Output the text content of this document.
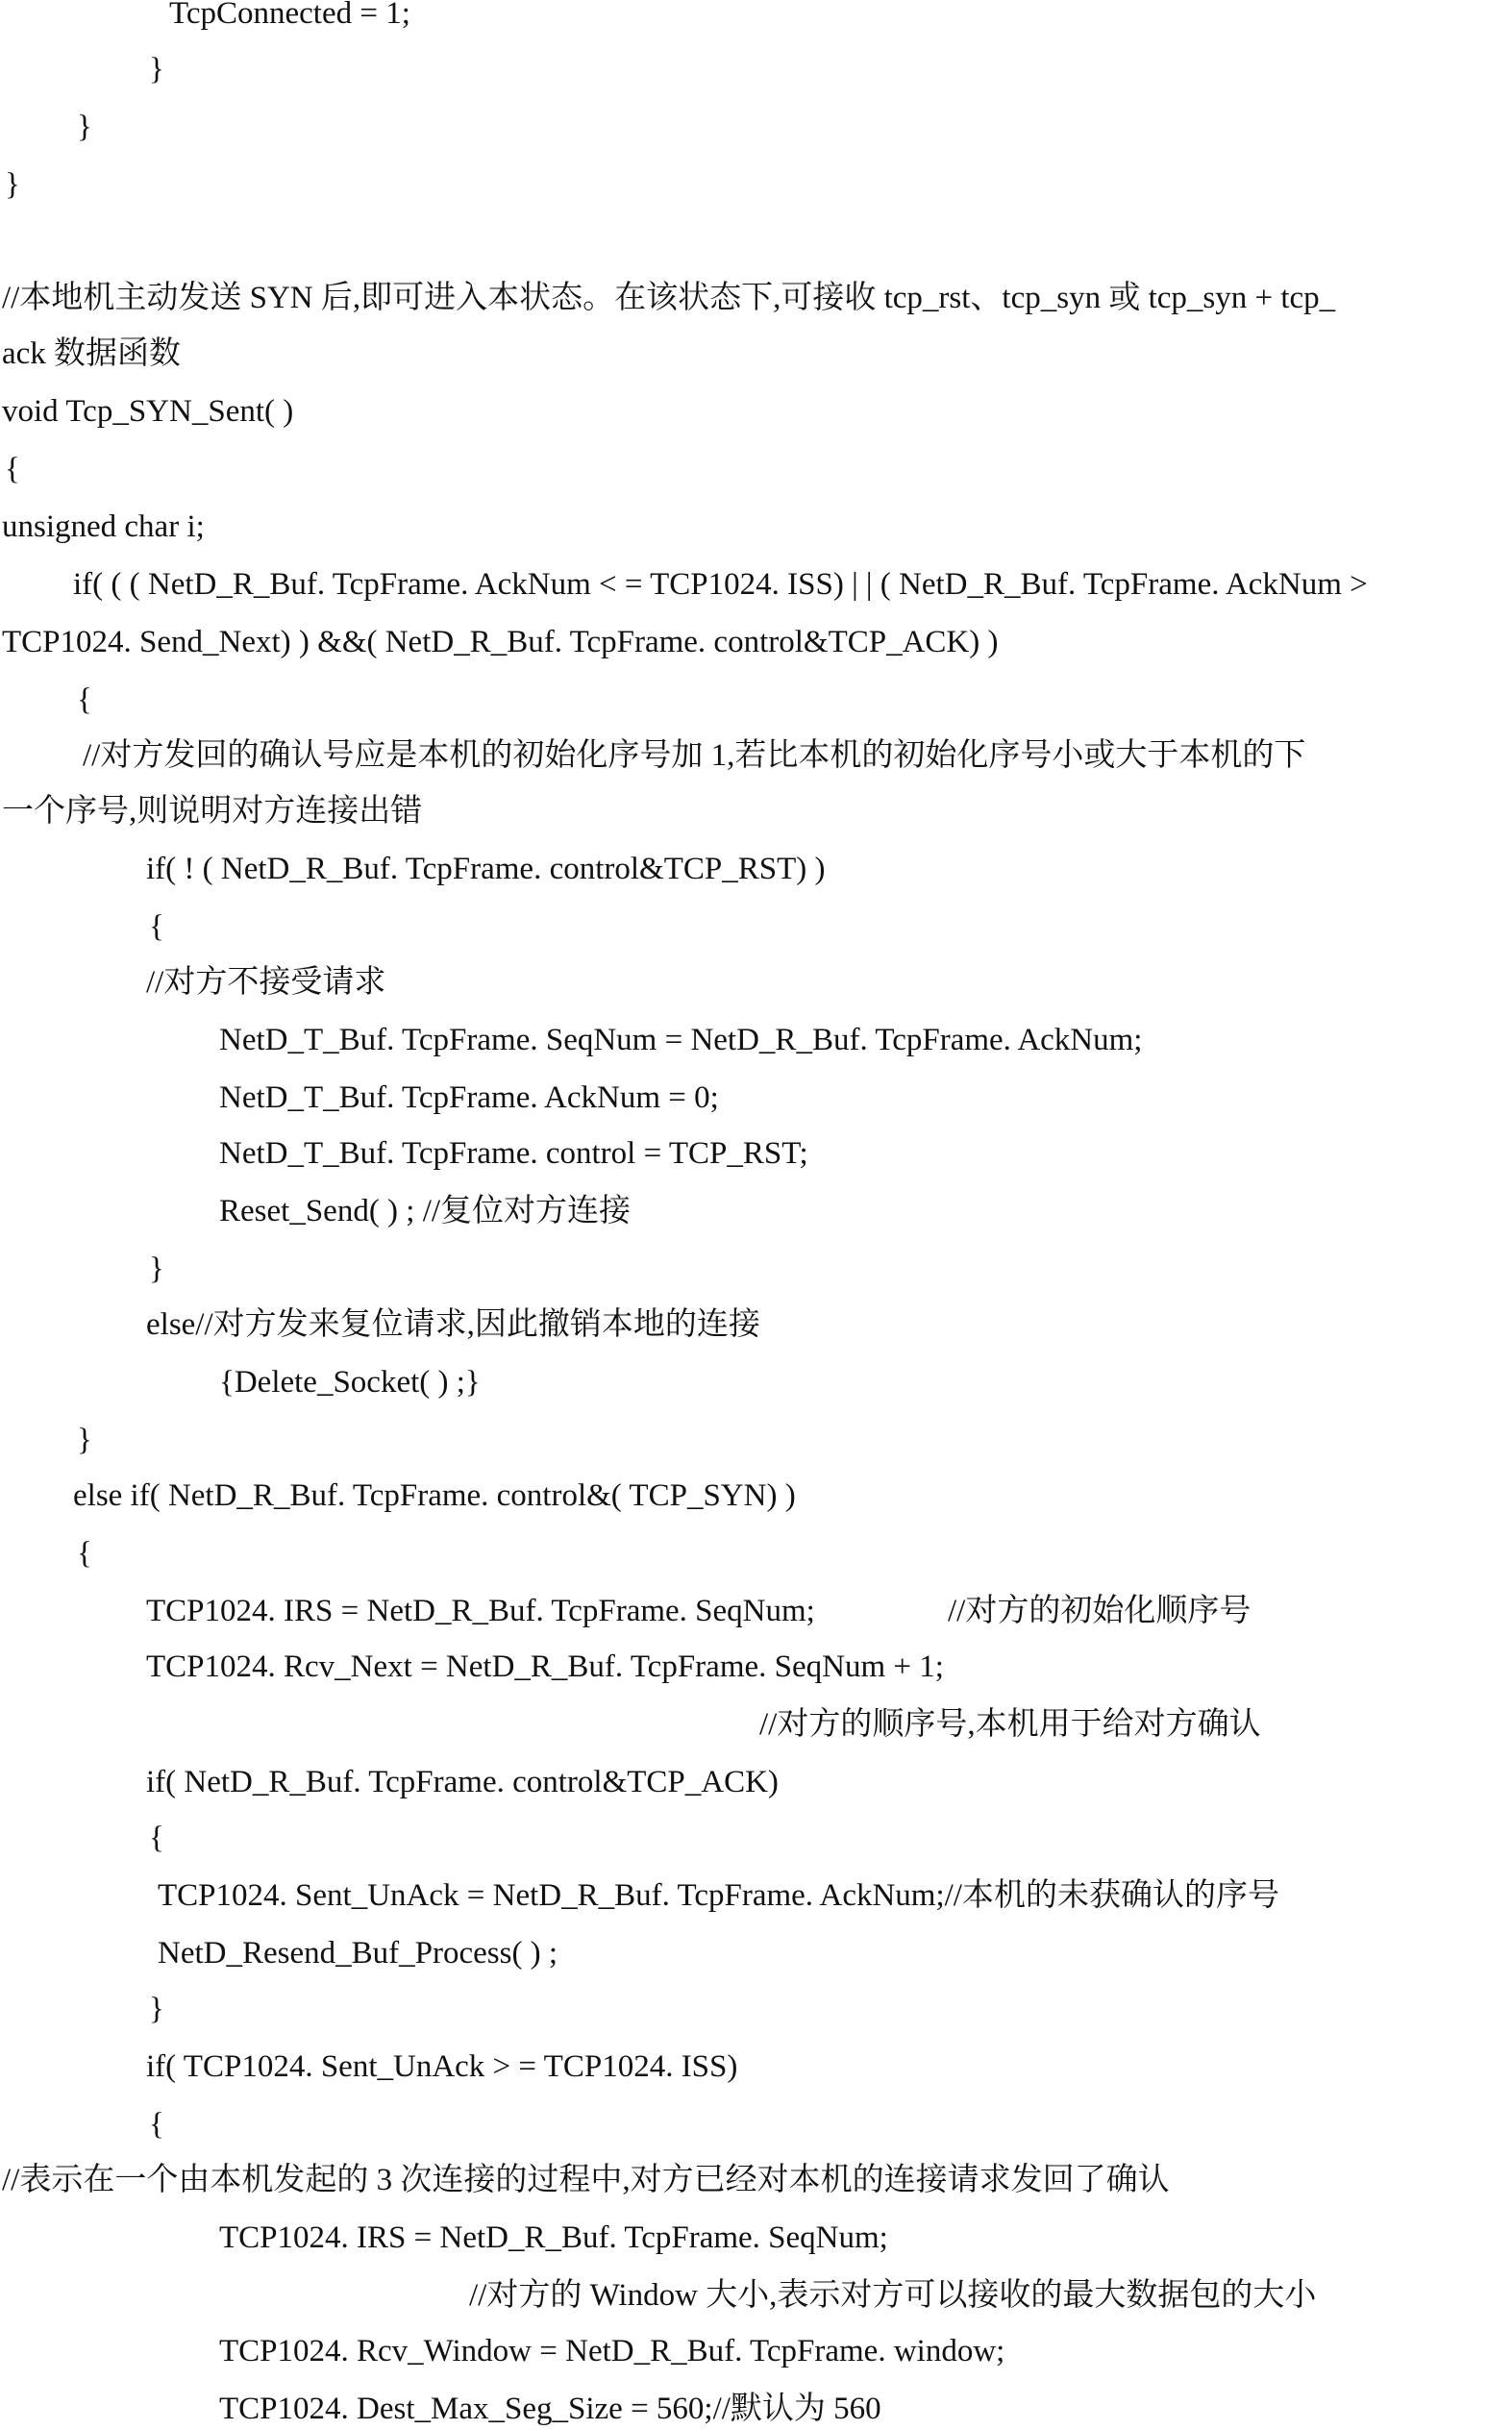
TcpConnected = 1;
}
}
}
//本地机主动发送 SYN 后,即可进入本状态。在该状态下,可接收 tcp_rst、tcp_syn 或 tcp_syn + tcp_
ack 数据函数
void Tcp_SYN_Sent( )
{
unsigned char i;
if( ( ( NetD_R_Buf. TcpFrame. AckNum < = TCP1024. ISS) | | ( NetD_R_Buf. TcpFrame. AckNum >
TCP1024. Send_Next) ) &&( NetD_R_Buf. TcpFrame. control&TCP_ACK) )
{
//对方发回的确认号应是本机的初始化序号加 1,若比本机的初始化序号小或大于本机的下
一个序号,则说明对方连接出错
if( ! ( NetD_R_Buf. TcpFrame. control&TCP_RST) )
{
//对方不接受请求
NetD_T_Buf. TcpFrame. SeqNum = NetD_R_Buf. TcpFrame. AckNum;
NetD_T_Buf. TcpFrame. AckNum = 0;
NetD_T_Buf. TcpFrame. control = TCP_RST;
Reset_Send( ) ; //复位对方连接
}
else//对方发来复位请求,因此撤销本地的连接
{Delete_Socket( ) ;}
}
else if( NetD_R_Buf. TcpFrame. control&( TCP_SYN) )
{
TCP1024. IRS = NetD_R_Buf. TcpFrame. SeqNum;	//对方的初始化顺序号
TCP1024. Rcv_Next = NetD_R_Buf. TcpFrame. SeqNum + 1;
//对方的顺序号,本机用于给对方确认
if( NetD_R_Buf. TcpFrame. control&TCP_ACK)
{
TCP1024. Sent_UnAck = NetD_R_Buf. TcpFrame. AckNum;//本机的未获确认的序号
NetD_Resend_Buf_Process( ) ;
}
if( TCP1024. Sent_UnAck > = TCP1024. ISS)
{
//表示在一个由本机发起的 3 次连接的过程中,对方已经对本机的连接请求发回了确认
TCP1024. IRS = NetD_R_Buf. TcpFrame. SeqNum;
//对方的 Window 大小,表示对方可以接收的最大数据包的大小
TCP1024. Rcv_Window = NetD_R_Buf. TcpFrame. window;
TCP1024. Dest_Max_Seg_Size = 560;//默认为 560
